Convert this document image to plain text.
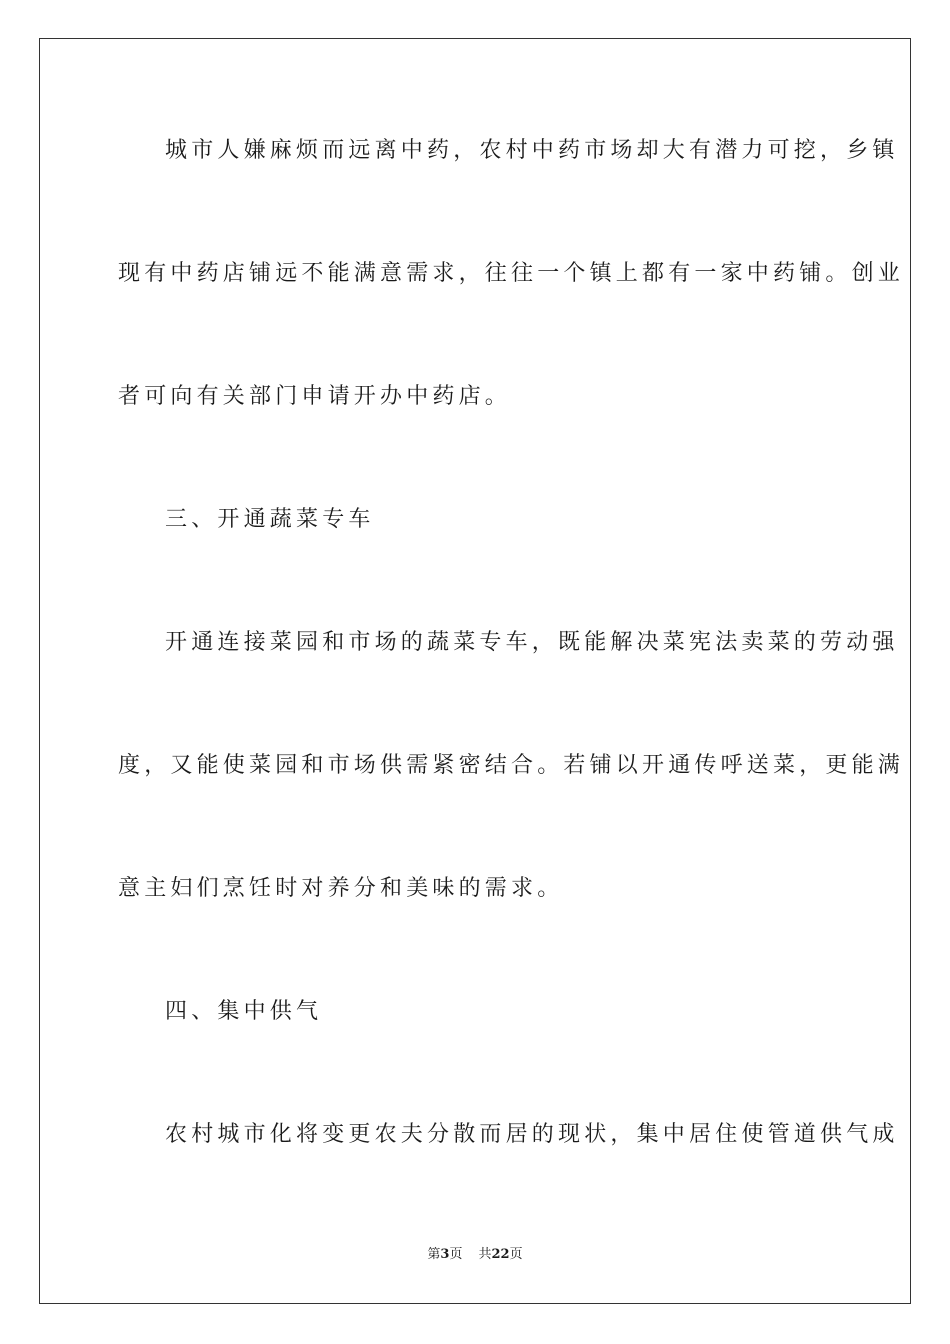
城市人嫌麻烦而远离中药，农村中药市场却大有潜力可挖，乡镇
现有中药店铺远不能满意需求，往往一个镇上都有一家中药铺。创业
者可向有关部门申请开办中药店。
三、开通蔬菜专车
开通连接菜园和市场的蔬菜专车，既能解决菜宪法卖菜的劳动强
度，又能使菜园和市场供需紧密结合。若铺以开通传呼送菜，更能满
意主妇们烹饪时对养分和美味的需求。
四、集中供气
农村城市化将变更农夫分散而居的现状，集中居住使管道供气成
第3页 共22页
